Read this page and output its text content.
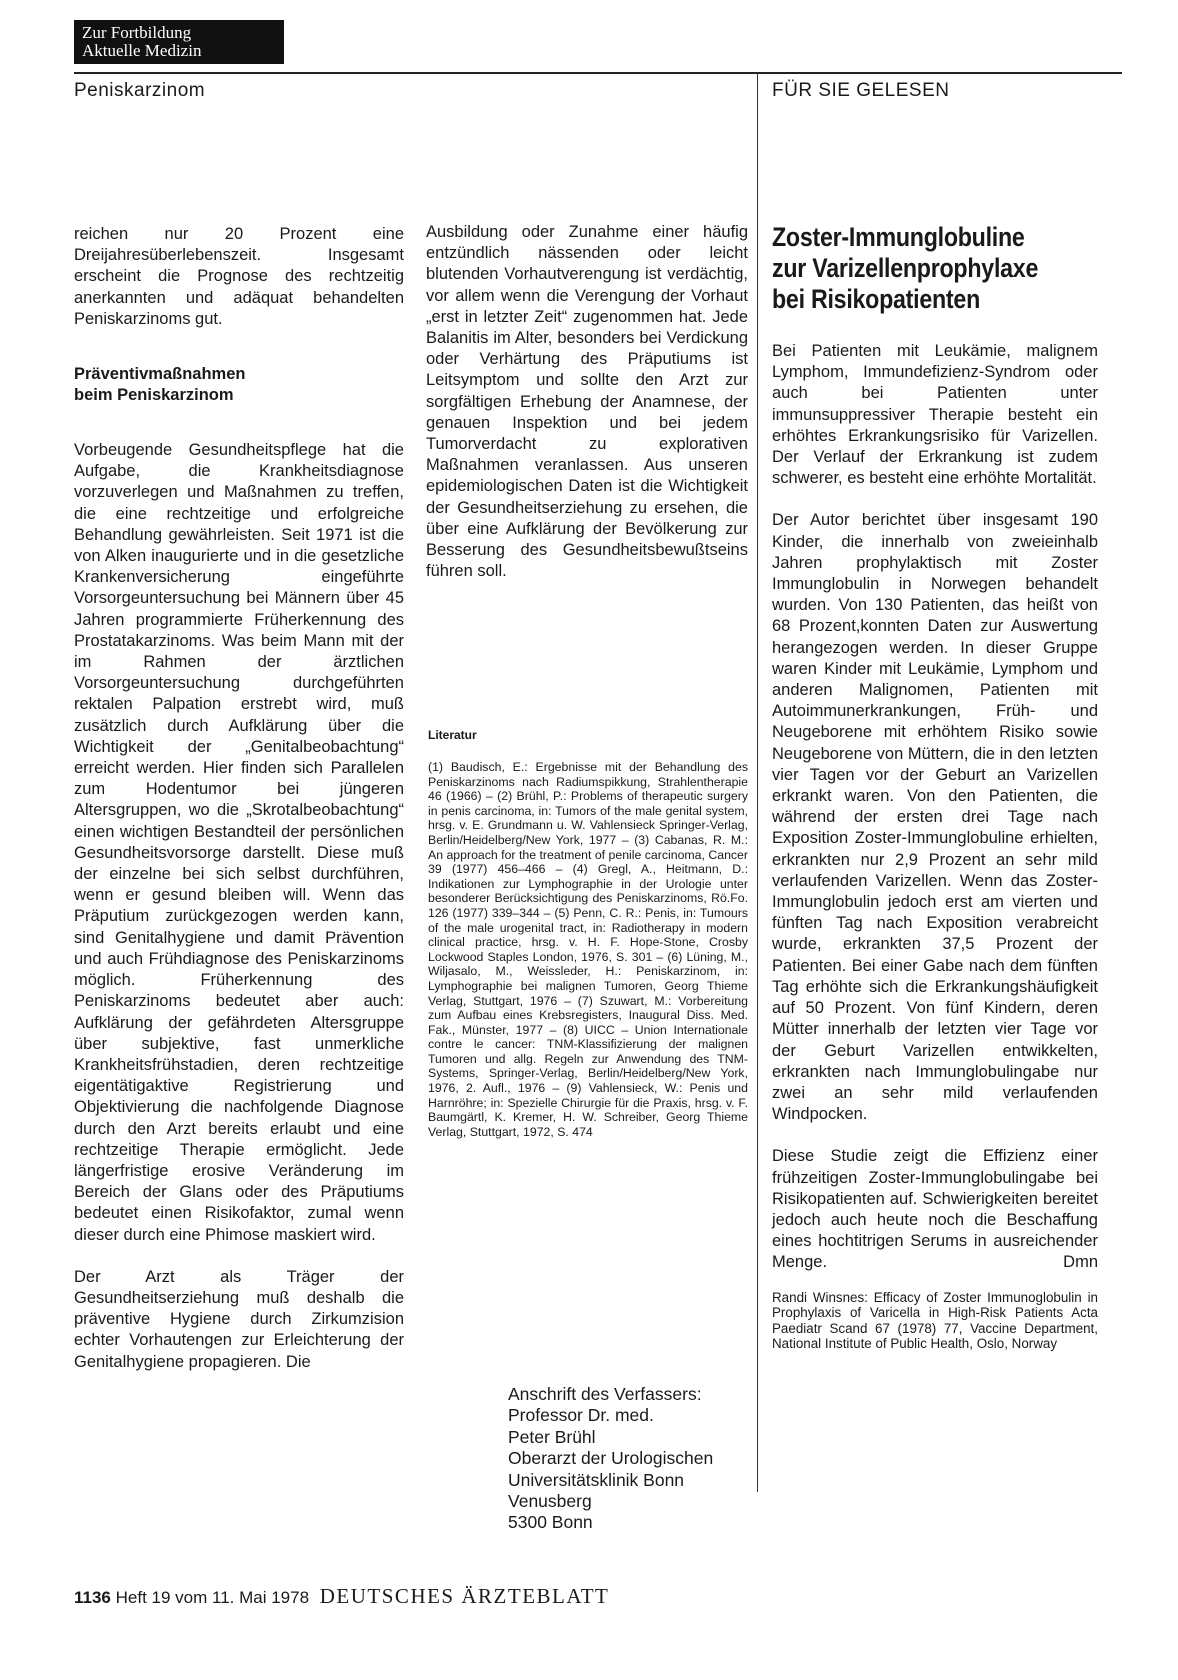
Zur Fortbildung
Aktuelle Medizin
Peniskarzinom	FÜR SIE GELESEN

reichen nur 20 Prozent eine Dreijahresüberlebenszeit. Insgesamt erscheint die Prognose des rechtzeitig anerkannten und adäquat behandelten Peniskarzinoms gut.

Präventivmaßnahmen
beim Peniskarzinom

Vorbeugende Gesundheitspflege hat die Aufgabe, die Krankheitsdiagnose vorzuverlegen und Maßnahmen zu treffen, die eine rechtzeitige und erfolgreiche Behandlung gewährleisten. Seit 1971 ist die von Alken inaugurierte und in die gesetzliche Krankenversicherung eingeführte Vorsorgeuntersuchung bei Männern über 45 Jahren programmierte Früherkennung des Prostatakarzinoms. Was beim Mann mit der im Rahmen der ärztlichen Vorsorgeuntersuchung durchgeführten rektalen Palpation erstrebt wird, muß zusätzlich durch Aufklärung über die Wichtigkeit der „Genitalbeobachtung“ erreicht werden. Hier finden sich Parallelen zum Hodentumor bei jüngeren Altersgruppen, wo die „Skrotalbeobachtung“ einen wichtigen Bestandteil der persönlichen Gesundheitsvorsorge darstellt. Diese muß der einzelne bei sich selbst durchführen, wenn er gesund bleiben will. Wenn das Präputium zurückgezogen werden kann, sind Genitalhygiene und damit Prävention und auch Frühdiagnose des Peniskarzinoms möglich. Früherkennung des Peniskarzinoms bedeutet aber auch: Aufklärung der gefährdeten Altersgruppe über subjektive, fast unmerkliche Krankheitsfrühstadien, deren rechtzeitige eigentätigaktive Registrierung und Objektivierung die nachfolgende Diagnose durch den Arzt bereits erlaubt und eine rechtzeitige Therapie ermöglicht. Jede längerfristige erosive Veränderung im Bereich der Glans oder des Präputiums bedeutet einen Risikofaktor, zumal wenn dieser durch eine Phimose maskiert wird.

Der Arzt als Träger der Gesundheitserziehung muß deshalb die präventive Hygiene durch Zirkumzision echter Vorhautengen zur Erleichterung der Genitalhygiene propagieren. Die

Ausbildung oder Zunahme einer häufig entzündlich nässenden oder leicht blutenden Vorhautverengung ist verdächtig, vor allem wenn die Verengung der Vorhaut „erst in letzter Zeit“ zugenommen hat. Jede Balanitis im Alter, besonders bei Verdickung oder Verhärtung des Präputiums ist Leitsymptom und sollte den Arzt zur sorgfältigen Erhebung der Anamnese, der genauen Inspektion und bei jedem Tumorverdacht zu explorativen Maßnahmen veranlassen. Aus unseren epidemiologischen Daten ist die Wichtigkeit der Gesundheitserziehung zu ersehen, die über eine Aufklärung der Bevölkerung zur Besserung des Gesundheitsbewußtseins führen soll.

Literatur
(1) Baudisch, E.: Ergebnisse mit der Behandlung des Peniskarzinoms nach Radiumspikkung, Strahlentherapie 46 (1966) – (2) Brühl, P.: Problems of therapeutic surgery in penis carcinoma, in: Tumors of the male genital system, hrsg. v. E. Grundmann u. W. Vahlensieck Springer-Verlag, Berlin/Heidelberg/New York, 1977 – (3) Cabanas, R. M.: An approach for the treatment of penile carcinoma, Cancer 39 (1977) 456–466 – (4) Gregl, A., Heitmann, D.: Indikationen zur Lymphographie in der Urologie unter besonderer Berücksichtigung des Peniskarzinoms, Rö.Fo. 126 (1977) 339–344 – (5) Penn, C. R.: Penis, in: Tumours of the male urogenital tract, in: Radiotherapy in modern clinical practice, hrsg. v. H. F. Hope-Stone, Crosby Lockwood Staples London, 1976, S. 301 – (6) Lüning, M., Wiljasalo, M., Weissleder, H.: Peniskarzinom, in: Lymphographie bei malignen Tumoren, Georg Thieme Verlag, Stuttgart, 1976 – (7) Szuwart, M.: Vorbereitung zum Aufbau eines Krebsregisters, Inaugural Diss. Med. Fak., Münster, 1977 – (8) UICC – Union Internationale contre le cancer: TNM-Klassifizierung der malignen Tumoren und allg. Regeln zur Anwendung des TNM-Systems, Springer-Verlag, Berlin/Heidelberg/New York, 1976, 2. Aufl., 1976 – (9) Vahlensieck, W.: Penis und Harnröhre; in: Spezielle Chirurgie für die Praxis, hrsg. v. F. Baumgärtl, K. Kremer, H. W. Schreiber, Georg Thieme Verlag, Stuttgart, 1972, S. 474
Anschrift des Verfassers:
Professor Dr. med.
Peter Brühl
Oberarzt der Urologischen
Universitätsklinik Bonn
Venusberg
5300 Bonn
Zoster-Immunglobuline
zur Varizellenprophylaxe
bei Risikopatienten

Bei Patienten mit Leukämie, malignem Lymphom, Immundefizienz-Syndrom oder auch bei Patienten unter immunsuppressiver Therapie besteht ein erhöhtes Erkrankungsrisiko für Varizellen. Der Verlauf der Erkrankung ist zudem schwerer, es besteht eine erhöhte Mortalität.

Der Autor berichtet über insgesamt 190 Kinder, die innerhalb von zweieinhalb Jahren prophylaktisch mit Zoster Immunglobulin in Norwegen behandelt wurden. Von 130 Patienten, das heißt von 68 Prozent,konnten Daten zur Auswertung herangezogen werden. In dieser Gruppe waren Kinder mit Leukämie, Lymphom und anderen Malignomen, Patienten mit Autoimmunerkrankungen, Früh- und Neugeborene mit erhöhtem Risiko sowie Neugeborene von Müttern, die in den letzten vier Tagen vor der Geburt an Varizellen erkrankt waren. Von den Patienten, die während der ersten drei Tage nach Exposition Zoster-Immunglobuline erhielten, erkrankten nur 2,9 Prozent an sehr mild verlaufenden Varizellen. Wenn das Zoster-Immunglobulin jedoch erst am vierten und fünften Tag nach Exposition verabreicht wurde, erkrankten 37,5 Prozent der Patienten. Bei einer Gabe nach dem fünften Tag erhöhte sich die Erkrankungshäufigkeit auf 50 Prozent. Von fünf Kindern, deren Mütter innerhalb der letzten vier Tage vor der Geburt Varizellen entwikkelten, erkrankten nach Immunglobulingabe nur zwei an sehr mild verlaufenden Windpocken.

Diese Studie zeigt die Effizienz einer frühzeitigen Zoster-Immunglobulingabe bei Risikopatienten auf. Schwierigkeiten bereitet jedoch auch heute noch die Beschaffung eines hochtitrigen Serums in ausreichender Menge.	Dmn

Randi Winsnes: Efficacy of Zoster Immunoglobulin in Prophylaxis of Varicella in High-Risk Patients Acta Paediatr Scand 67 (1978) 77, Vaccine Department, National Institute of Public Health, Oslo, Norway

1136 Heft 19 vom 11. Mai 1978 DEUTSCHES ÄRZTEBLATT
